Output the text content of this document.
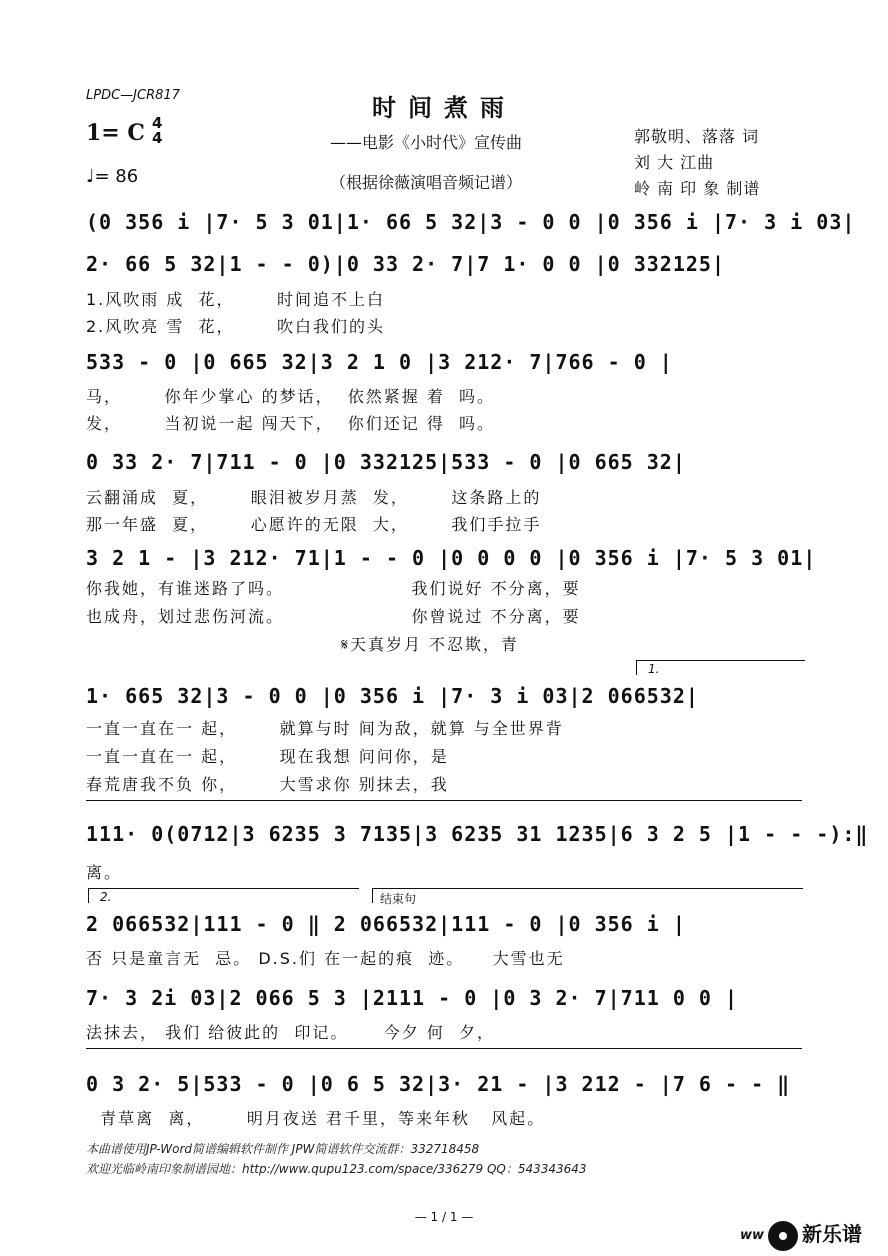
LPDC—JCR817	时间煮雨
——电影《小时代》宣传曲
（根据徐薇演唱音频记谱）
1= C 4
4
♩= 86
郭敬明、落落 词
刘 大 江曲
岭 南 印 象 制谱
(0 356 i |7· 5 3 01|1· 66 5 32|3 - 0 0 |0 356 i |7· 3 i 03|
2· 66 5 32|1 - - 0)|0 33 2· 7|7 1· 0 0 |0 332125|
1.风吹雨 成  花，      时间追不上白
2.风吹亮 雪  花，      吹白我们的头
533 - 0 |0 665 32|3 2 1 0 |3 212· 7|766 - 0 |
马，      你年少掌心 的梦话，  依然紧握 着  吗。
发，      当初说一起 闯天下，  你们还记 得  吗。
0 33 2· 7|711 - 0 |0 332125|533 - 0 |0 665 32|
云翻涌成  夏，      眼泪被岁月蒸  发，      这条路上的
那一年盛  夏，      心愿许的无限  大，      我们手拉手
3 2 1 - |3 212· 71|1 - - 0 |0 0 0 0 |0 356 i |7· 5 3 01|
你我她，有谁迷路了吗。                  我们说好 不分离，要
也成舟，划过悲伤河流。                  你曾说过 不分离，要
𝄋天真岁月 不忍欺，青
1.
1· 665 32|3 - 0 0 |0 356 i |7· 3 i 03|2 066532|
一直一直在一 起，      就算与时 间为敌，就算 与全世界背
一直一直在一 起，      现在我想 问问你，是
春荒唐我不负 你，      大雪求你 别抹去，我
111· 0(0712|3 6235 3 7135|3 6235 31 1235|6 3 2 5 |1 - - -):‖
离。
2.	结束句
2 066532|111 - 0 ‖ 2 066532|111 - 0 |0 356 i |
否 只是童言无  忌。 D.S.们 在一起的痕  迹。    大雪也无
7· 3 2i 03|2 066 5 3 |2111 - 0 |0 3 2· 7|711 0 0 |
法抹去， 我们 给彼此的  印记。     今夕 何  夕，
0 3 2· 5|533 - 0 |0 6 5 32|3· 21 - |3 212 - |7 6 - - ‖
青草离  离，      明月夜送 君千里，等来年秋   风起。
本曲谱使用JP-Word简谱编辑软件制作 JPW简谱软件交流群：332718458
欢迎光临岭南印象制谱园地：http://www.qupu123.com/space/336279 QQ：543343643
— 1 / 1 —
ww 新乐谱
